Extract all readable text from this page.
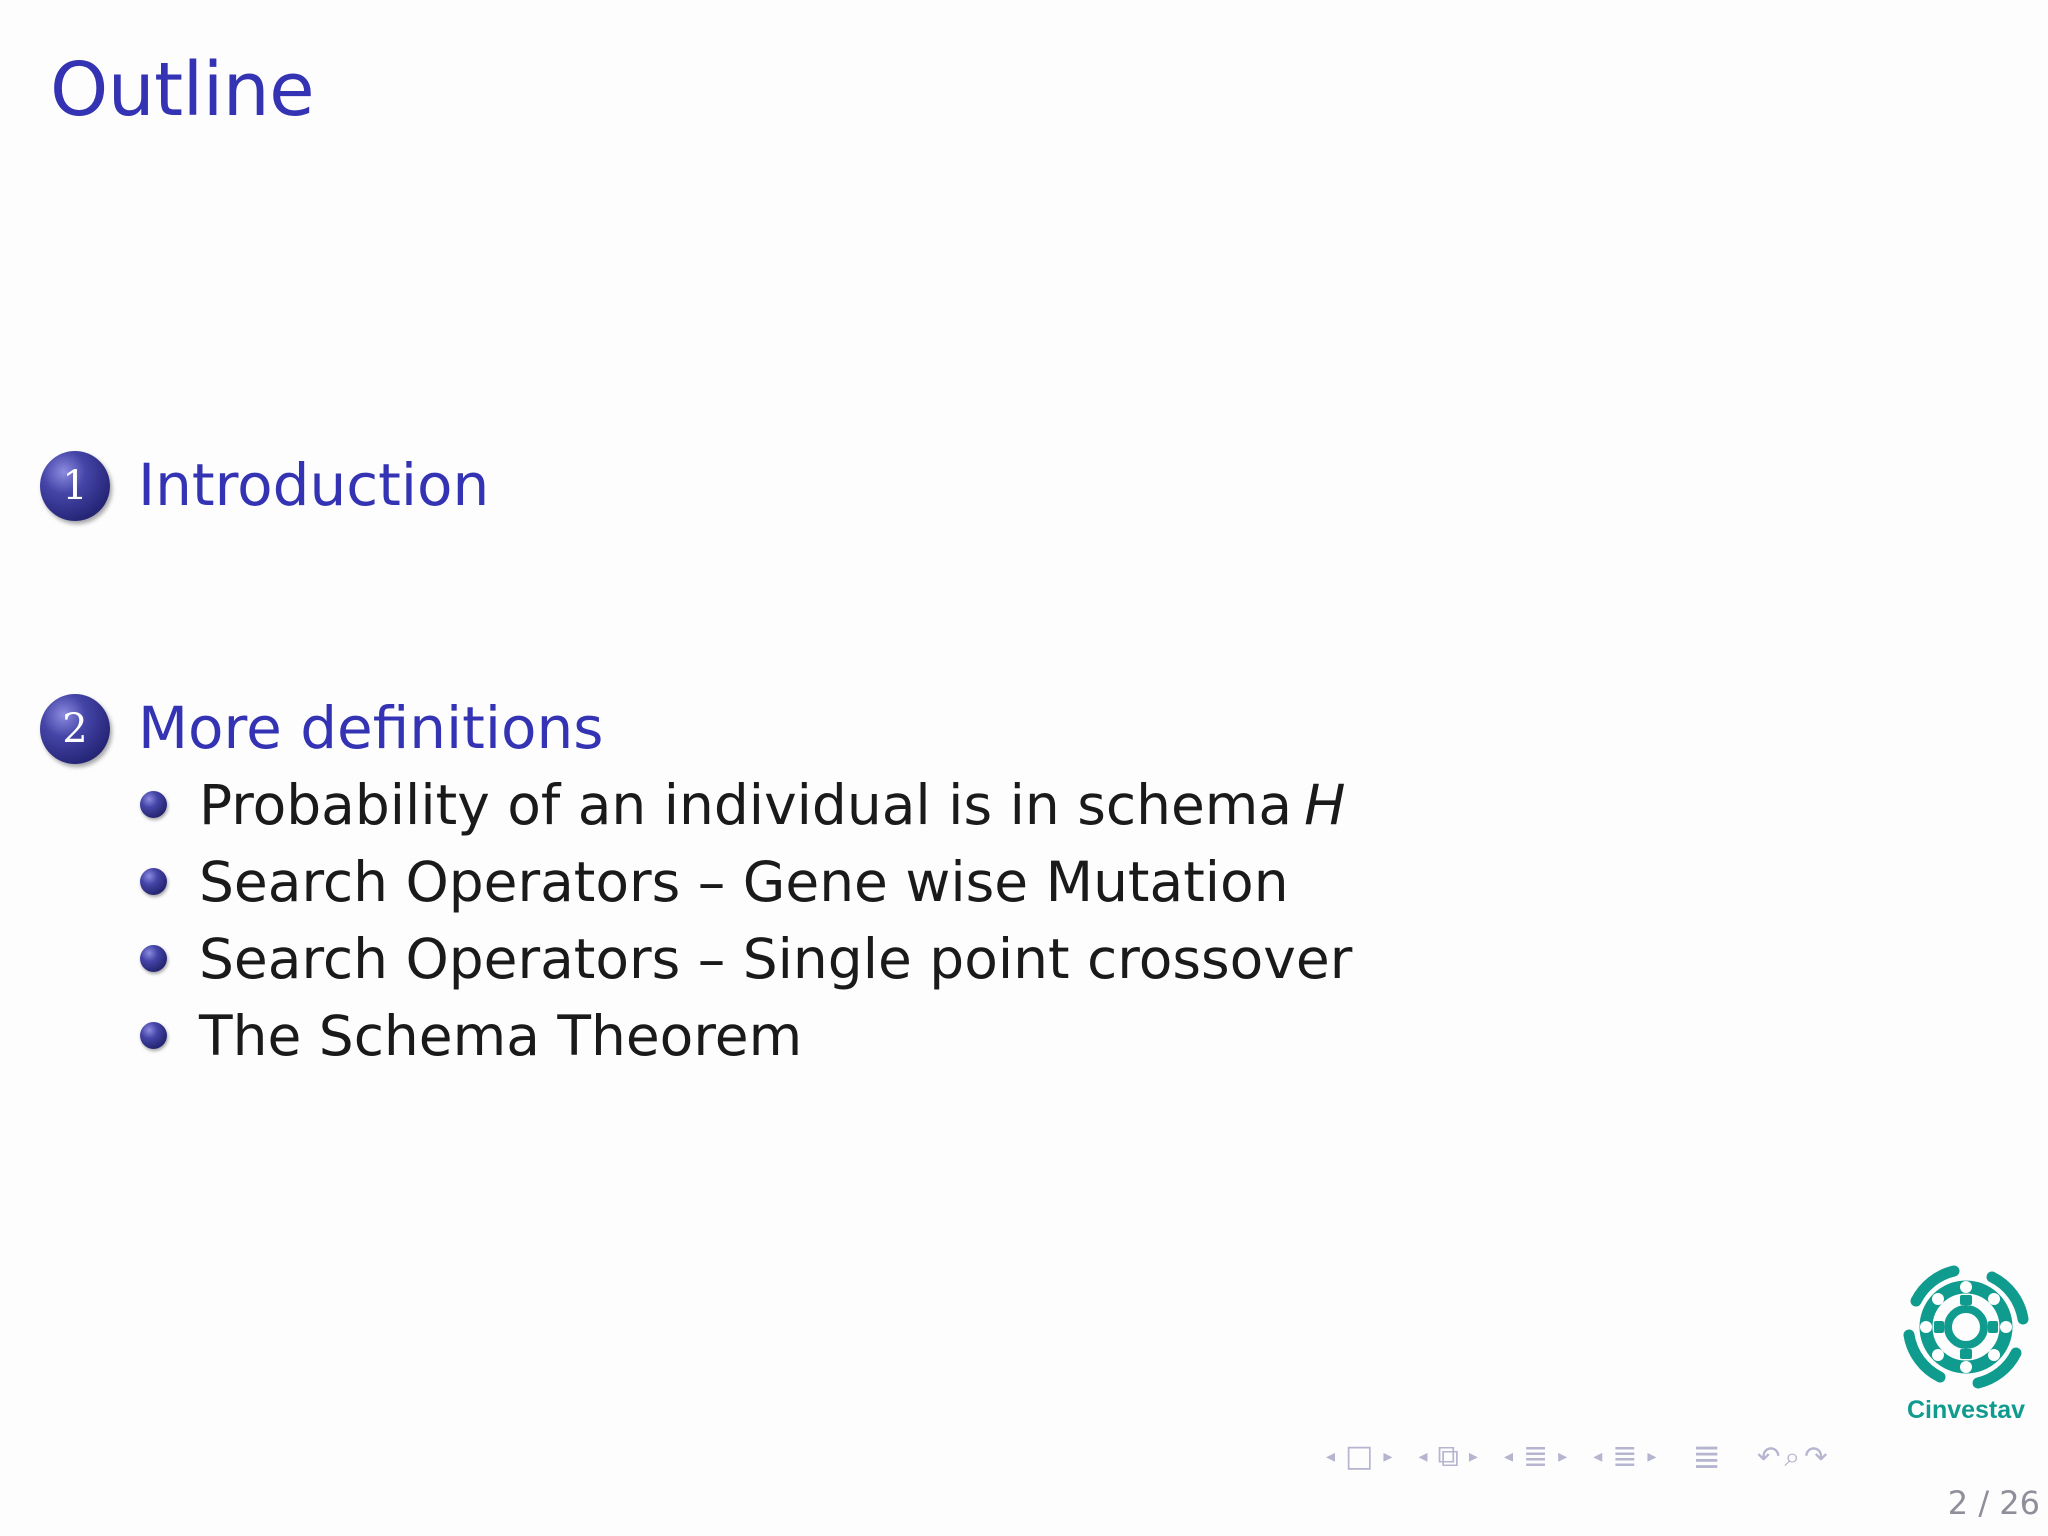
Outline
1 Introduction
2 More definitions
Probability of an individual is in schema H
Search Operators – Gene wise Mutation
Search Operators – Single point crossover
The Schema Theorem
Cinvestav
◂ □ ▸	◂ ⧉ ▸	◂ ≣ ▸	◂ ≣ ▸ ≣ ↶ ⌕ ↷
2 / 26
